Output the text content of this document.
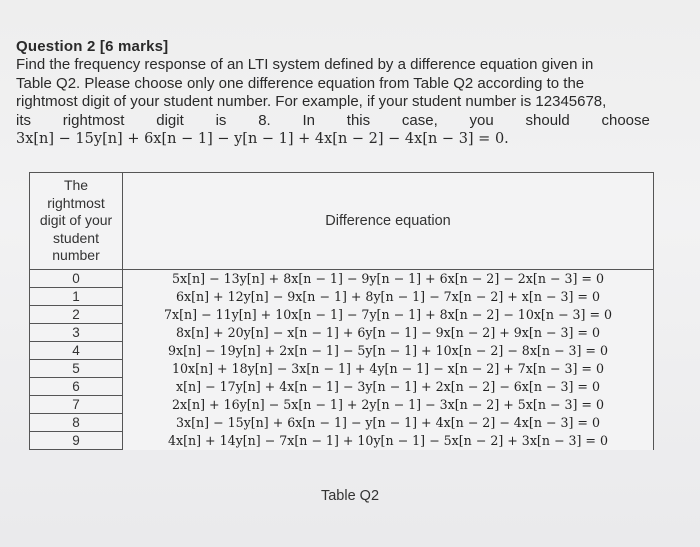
Question 2 [6 marks]
Find the frequency response of an LTI system defined by a difference equation given in
Table Q2. Please choose only one difference equation from Table Q2 according to the
rightmost digit of your student number. For example, if your student number is 12345678,
its rightmost digit is 8. In this case, you should choose
3x[n] − 15y[n] + 6x[n − 1] − y[n − 1] + 4x[n − 2] − 4x[n − 3] = 0.
The
rightmost
digit of your
student
number	Difference equation
0	5x[n] − 13y[n] + 8x[n − 1] − 9y[n − 1] + 6x[n − 2] − 2x[n − 3] = 0
1	6x[n] + 12y[n] − 9x[n − 1] + 8y[n − 1] − 7x[n − 2] + x[n − 3] = 0
2	7x[n] − 11y[n] + 10x[n − 1] − 7y[n − 1] + 8x[n − 2] − 10x[n − 3] = 0
3	8x[n] + 20y[n] − x[n − 1] + 6y[n − 1] − 9x[n − 2] + 9x[n − 3] = 0
4	9x[n] − 19y[n] + 2x[n − 1] − 5y[n − 1] + 10x[n − 2] − 8x[n − 3] = 0
5	10x[n] + 18y[n] − 3x[n − 1] + 4y[n − 1] − x[n − 2] + 7x[n − 3] = 0
6	x[n] − 17y[n] + 4x[n − 1] − 3y[n − 1] + 2x[n − 2] − 6x[n − 3] = 0
7	2x[n] + 16y[n] − 5x[n − 1] + 2y[n − 1] − 3x[n − 2] + 5x[n − 3] = 0
8	3x[n] − 15y[n] + 6x[n − 1] − y[n − 1] + 4x[n − 2] − 4x[n − 3] = 0
9	4x[n] + 14y[n] − 7x[n − 1] + 10y[n − 1] − 5x[n − 2] + 3x[n − 3] = 0
Table Q2
